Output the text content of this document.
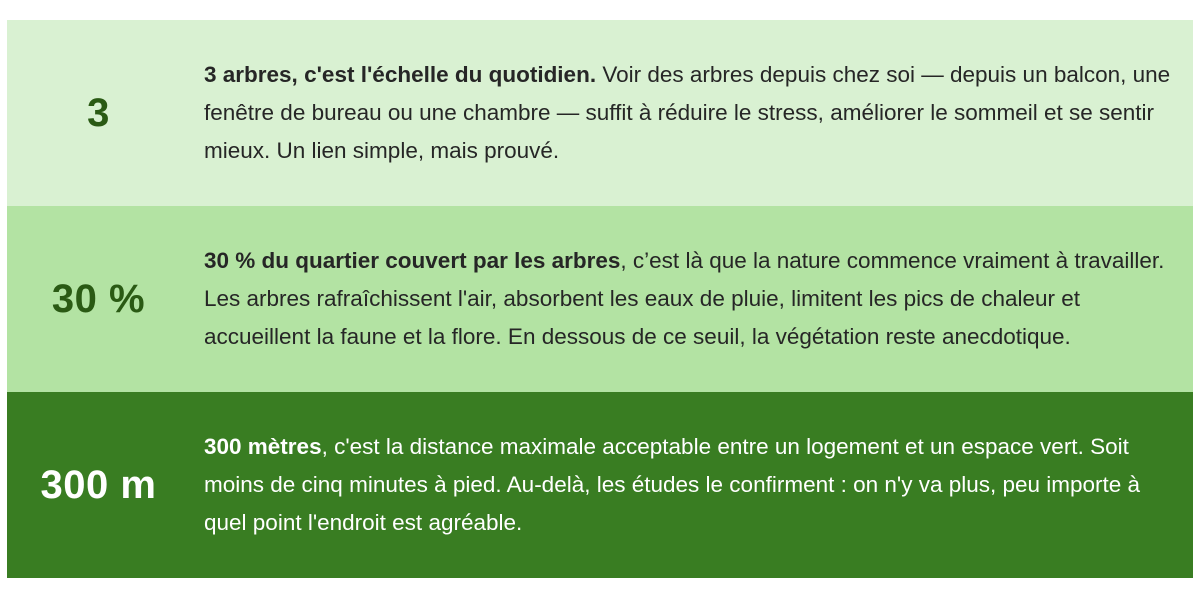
3
3 arbres, c'est l'échelle du quotidien. Voir des arbres depuis chez soi — depuis un balcon, une fenêtre de bureau ou une chambre — suffit à réduire le stress, améliorer le sommeil et se sentir mieux. Un lien simple, mais prouvé.
30 %
30 % du quartier couvert par les arbres, c’est là que la nature commence vraiment à travailler. Les arbres rafraîchissent l'air, absorbent les eaux de pluie, limitent les pics de chaleur et accueillent la faune et la flore. En dessous de ce seuil, la végétation reste anecdotique.
300 m
300 mètres, c'est la distance maximale acceptable entre un logement et un espace vert. Soit moins de cinq minutes à pied. Au-delà, les études le confirment : on n'y va plus, peu importe à quel point l'endroit est agréable.
